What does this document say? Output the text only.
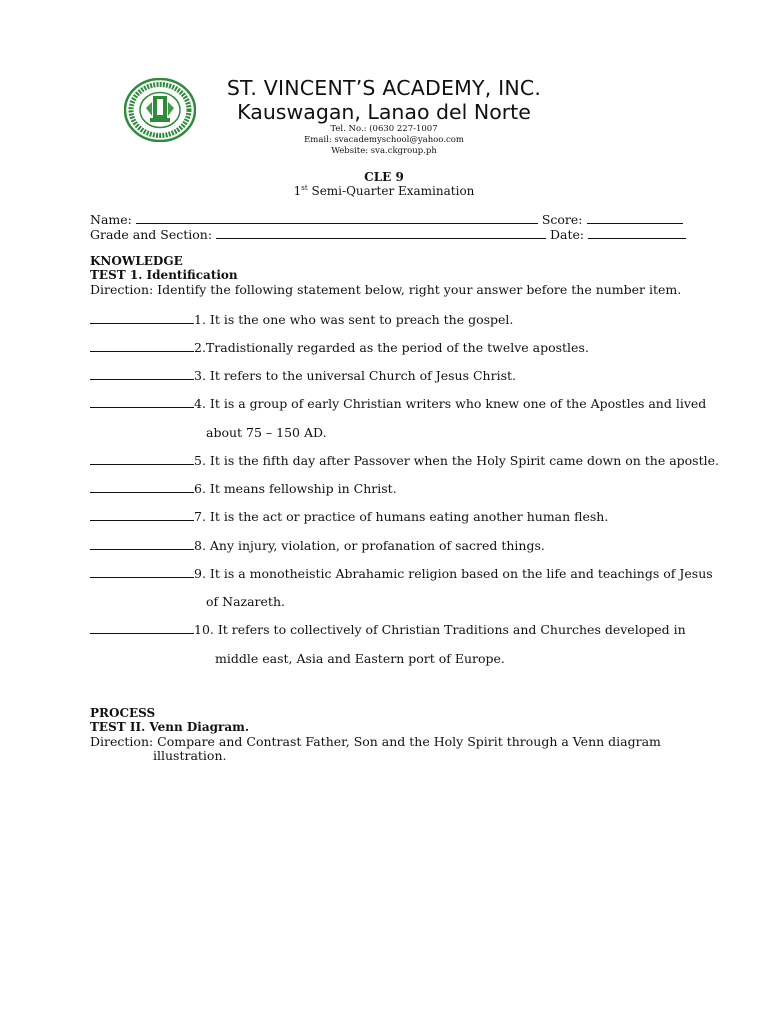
ST. VINCENT’S ACADEMY, INC.
Kauswagan, Lanao del Norte
Tel. No.: (0630 227-1007
Email: svacademyschool@yahoo.com
Website: sva.ckgroup.ph
CLE 9
1st Semi-Quarter Examination
Name:	Score:
Grade and Section:	Date:
KNOWLEDGE
TEST 1. Identification
Direction: Identify the following statement below, right your answer before the number item.
1. It is the one who was sent to preach the gospel.
2.Tradistionally regarded as the period of the twelve apostles.
3. It refers to the universal Church of Jesus Christ.
4. It is a group of early Christian writers who knew one of the Apostles and lived
about 75 – 150 AD.
5. It is the fifth day after Passover when the Holy Spirit came down on the apostle.
6. It means fellowship in Christ.
7. It is the act or practice of humans eating another human flesh.
8. Any injury, violation, or profanation of sacred things.
9. It is a monotheistic Abrahamic religion based on the life and teachings of Jesus
of Nazareth.
10. It refers to collectively of Christian Traditions and Churches developed in
middle east, Asia and Eastern port of Europe.
PROCESS
TEST II. Venn Diagram.
Direction: Compare and Contrast Father, Son and the Holy Spirit through a Venn diagram
illustration.
